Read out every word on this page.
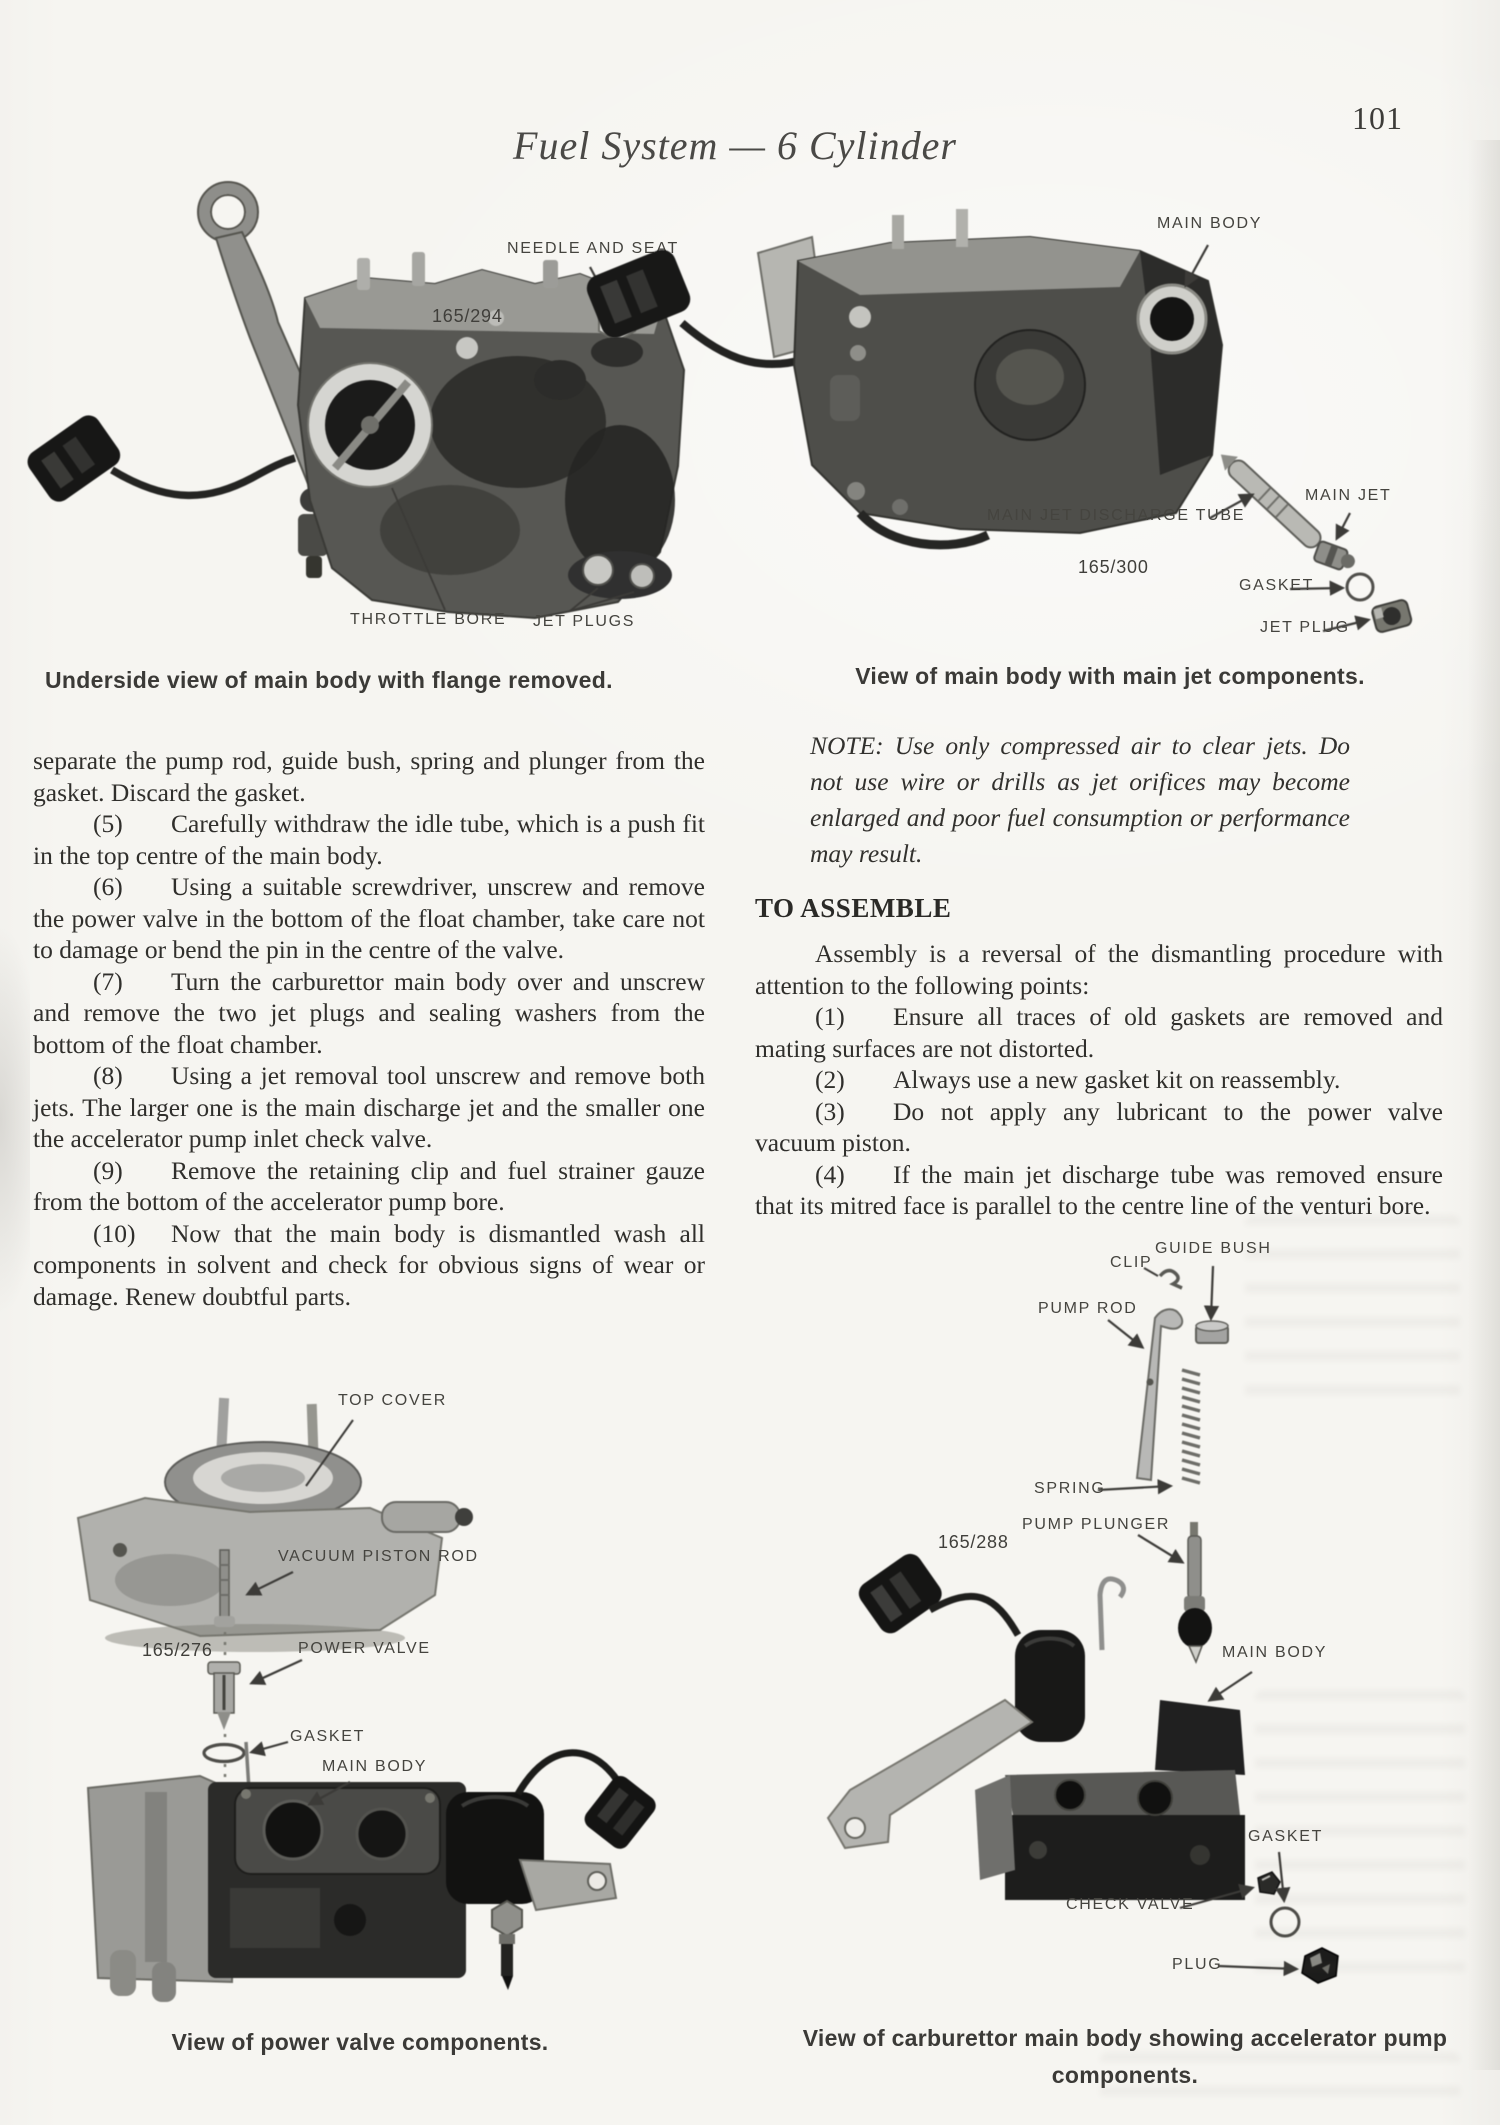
Fuel System — 6 Cylinder
101
NEEDLE AND SEAT
165/294
THROTTLE BORE JET PLUGS
Underside view of main body with flange removed.
MAIN BODY
MAIN JET DISCHARGE TUBE
165/300
MAIN JET
GASKET
JET PLUG
View of main body with main jet components.

separate the pump rod, guide bush, spring and plunger from the gasket. Discard the gasket.

(5) Carefully withdraw the idle tube, which is a push fit in the top centre of the main body.

(6) Using a suitable screwdriver, unscrew and remove the power valve in the bottom of the float chamber, take care not to damage or bend the pin in the centre of the valve.

(7) Turn the carburettor main body over and unscrew and remove the two jet plugs and sealing washers from the bottom of the float chamber.

(8) Using a jet removal tool unscrew and remove both jets. The larger one is the main discharge jet and the smaller one the accelerator pump inlet check valve.

(9) Remove the retaining clip and fuel strainer gauze from the bottom of the accelerator pump bore.

(10) Now that the main body is dismantled wash all components in solvent and check for obvious signs of wear or damage. Renew doubtful parts.

NOTE: Use only compressed air to clear jets. Do not use wire or drills as jet orifices may become enlarged and poor fuel consumption or performance may result.
TO ASSEMBLE

Assembly is a reversal of the dismantling procedure with attention to the following points:

(1) Ensure all traces of old gaskets are removed and mating surfaces are not distorted.

(2) Always use a new gasket kit on reassembly.

(3) Do not apply any lubricant to the power valve vacuum piston.

(4) If the main jet discharge tube was removed ensure that its mitred face is parallel to the centre line of the venturi bore.

TOP COVER
VACUUM PISTON ROD
165/276	POWER VALVE
GASKET
MAIN BODY
View of power valve components.
CLIP
GUIDE BUSH
PUMP ROD
SPRING
PUMP PLUNGER
165/288
MAIN BODY
GASKET
CHECK VALVE
PLUG
View of carburettor main body showing accelerator pump components.
